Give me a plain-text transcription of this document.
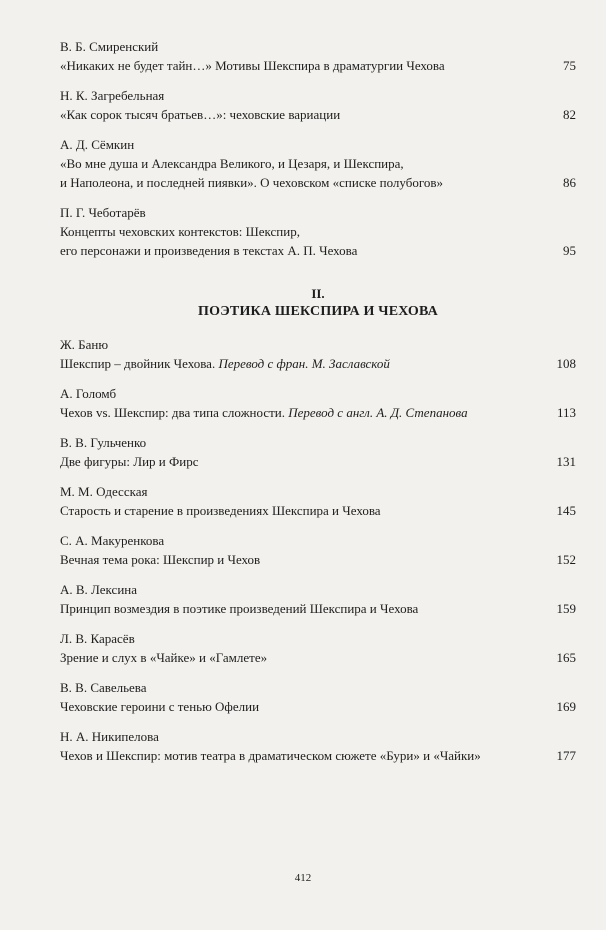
В. Б. Смиренский
«Никаких не будет тайн…» Мотивы Шекспира в драматургии Чехова	75
Н. К. Загребельная
«Как сорок тысяч братьев…»: чеховские вариации	82
А. Д. Сёмкин
«Во мне душа и Александра Великого, и Цезаря, и Шекспира,
и Наполеона, и последней пиявки». О чеховском «списке полубогов»	86
П. Г. Чеботарёв
Концепты чеховских контекстов: Шекспир,
его персонажи и произведения в текстах А. П. Чехова	95
II.
ПОЭТИКА ШЕКСПИРА И ЧЕХОВА
Ж. Баню
Шекспир – двойник Чехова. Перевод с фран. М. Заславской	108
А. Голомб
Чехов vs. Шекспир: два типа сложности. Перевод с англ. А. Д. Степанова	113
В. В. Гульченко
Две фигуры: Лир и Фирс	131
М. М. Одесская
Старость и старение в произведениях Шекспира и Чехова	145
С. А. Макуренкова
Вечная тема рока: Шекспир и Чехов	152
А. В. Лексина
Принцип возмездия в поэтике произведений Шекспира и Чехова	159
Л. В. Карасёв
Зрение и слух в «Чайке» и «Гамлете»	165
В. В. Савельева
Чеховские героини с тенью Офелии	169
Н. А. Никипелова
Чехов и Шекспир: мотив театра в драматическом сюжете «Бури» и «Чайки»	177
412
